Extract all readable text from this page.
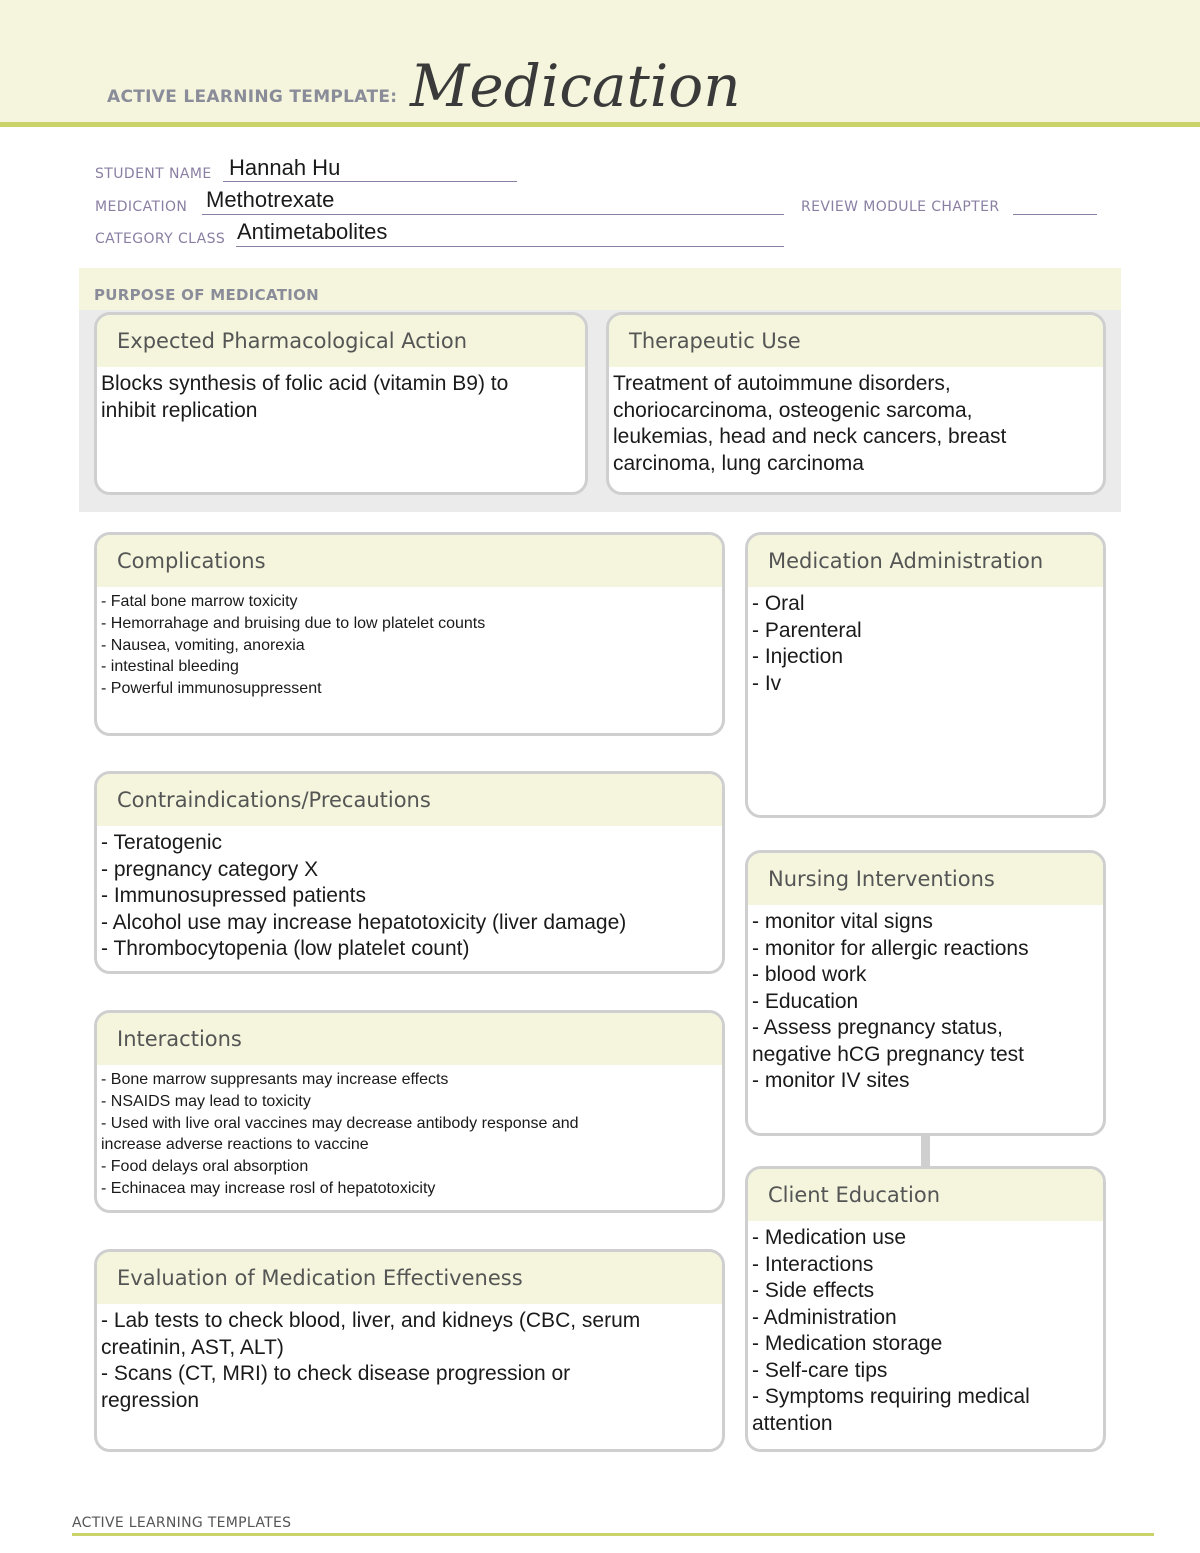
ACTIVE LEARNING TEMPLATE: Medication
STUDENT NAME Hannah Hu
MEDICATION Methotrexate	REVIEW MODULE CHAPTER
CATEGORY CLASS Antimetabolites
PURPOSE OF MEDICATION
Expected Pharmacological Action
Blocks synthesis of folic acid (vitamin B9) to
inhibit replication
Therapeutic Use
Treatment of autoimmune disorders,
choriocarcinoma, osteogenic sarcoma,
leukemias, head and neck cancers, breast
carcinoma, lung carcinoma
Complications
- Fatal bone marrow toxicity
- Hemorrahage and bruising due to low platelet counts
- Nausea, vomiting, anorexia
- intestinal bleeding
- Powerful immunosuppressent
Medication Administration
- Oral
- Parenteral
- Injection
- Iv
Contraindications/Precautions
- Teratogenic
- pregnancy category X
- Immunosupressed patients
- Alcohol use may increase hepatotoxicity (liver damage)
- Thrombocytopenia (low platelet count)
Nursing Interventions
- monitor vital signs
- monitor for allergic reactions
- blood work
- Education
- Assess pregnancy status,
negative hCG pregnancy test
- monitor IV sites
Interactions
- Bone marrow suppresants may increase effects
- NSAIDS may lead to toxicity
- Used with live oral vaccines may decrease antibody response and
increase adverse reactions to vaccine
- Food delays oral absorption
- Echinacea may increase rosl of hepatotoxicity	Client Education
- Medication use
- Interactions
- Side effects
- Administration
- Medication storage
- Self-care tips
- Symptoms requiring medical
attention
Evaluation of Medication Effectiveness
- Lab tests to check blood, liver, and kidneys (CBC, serum
creatinin, AST, ALT)
- Scans (CT, MRI) to check disease progression or
regression
ACTIVE LEARNING TEMPLATES
